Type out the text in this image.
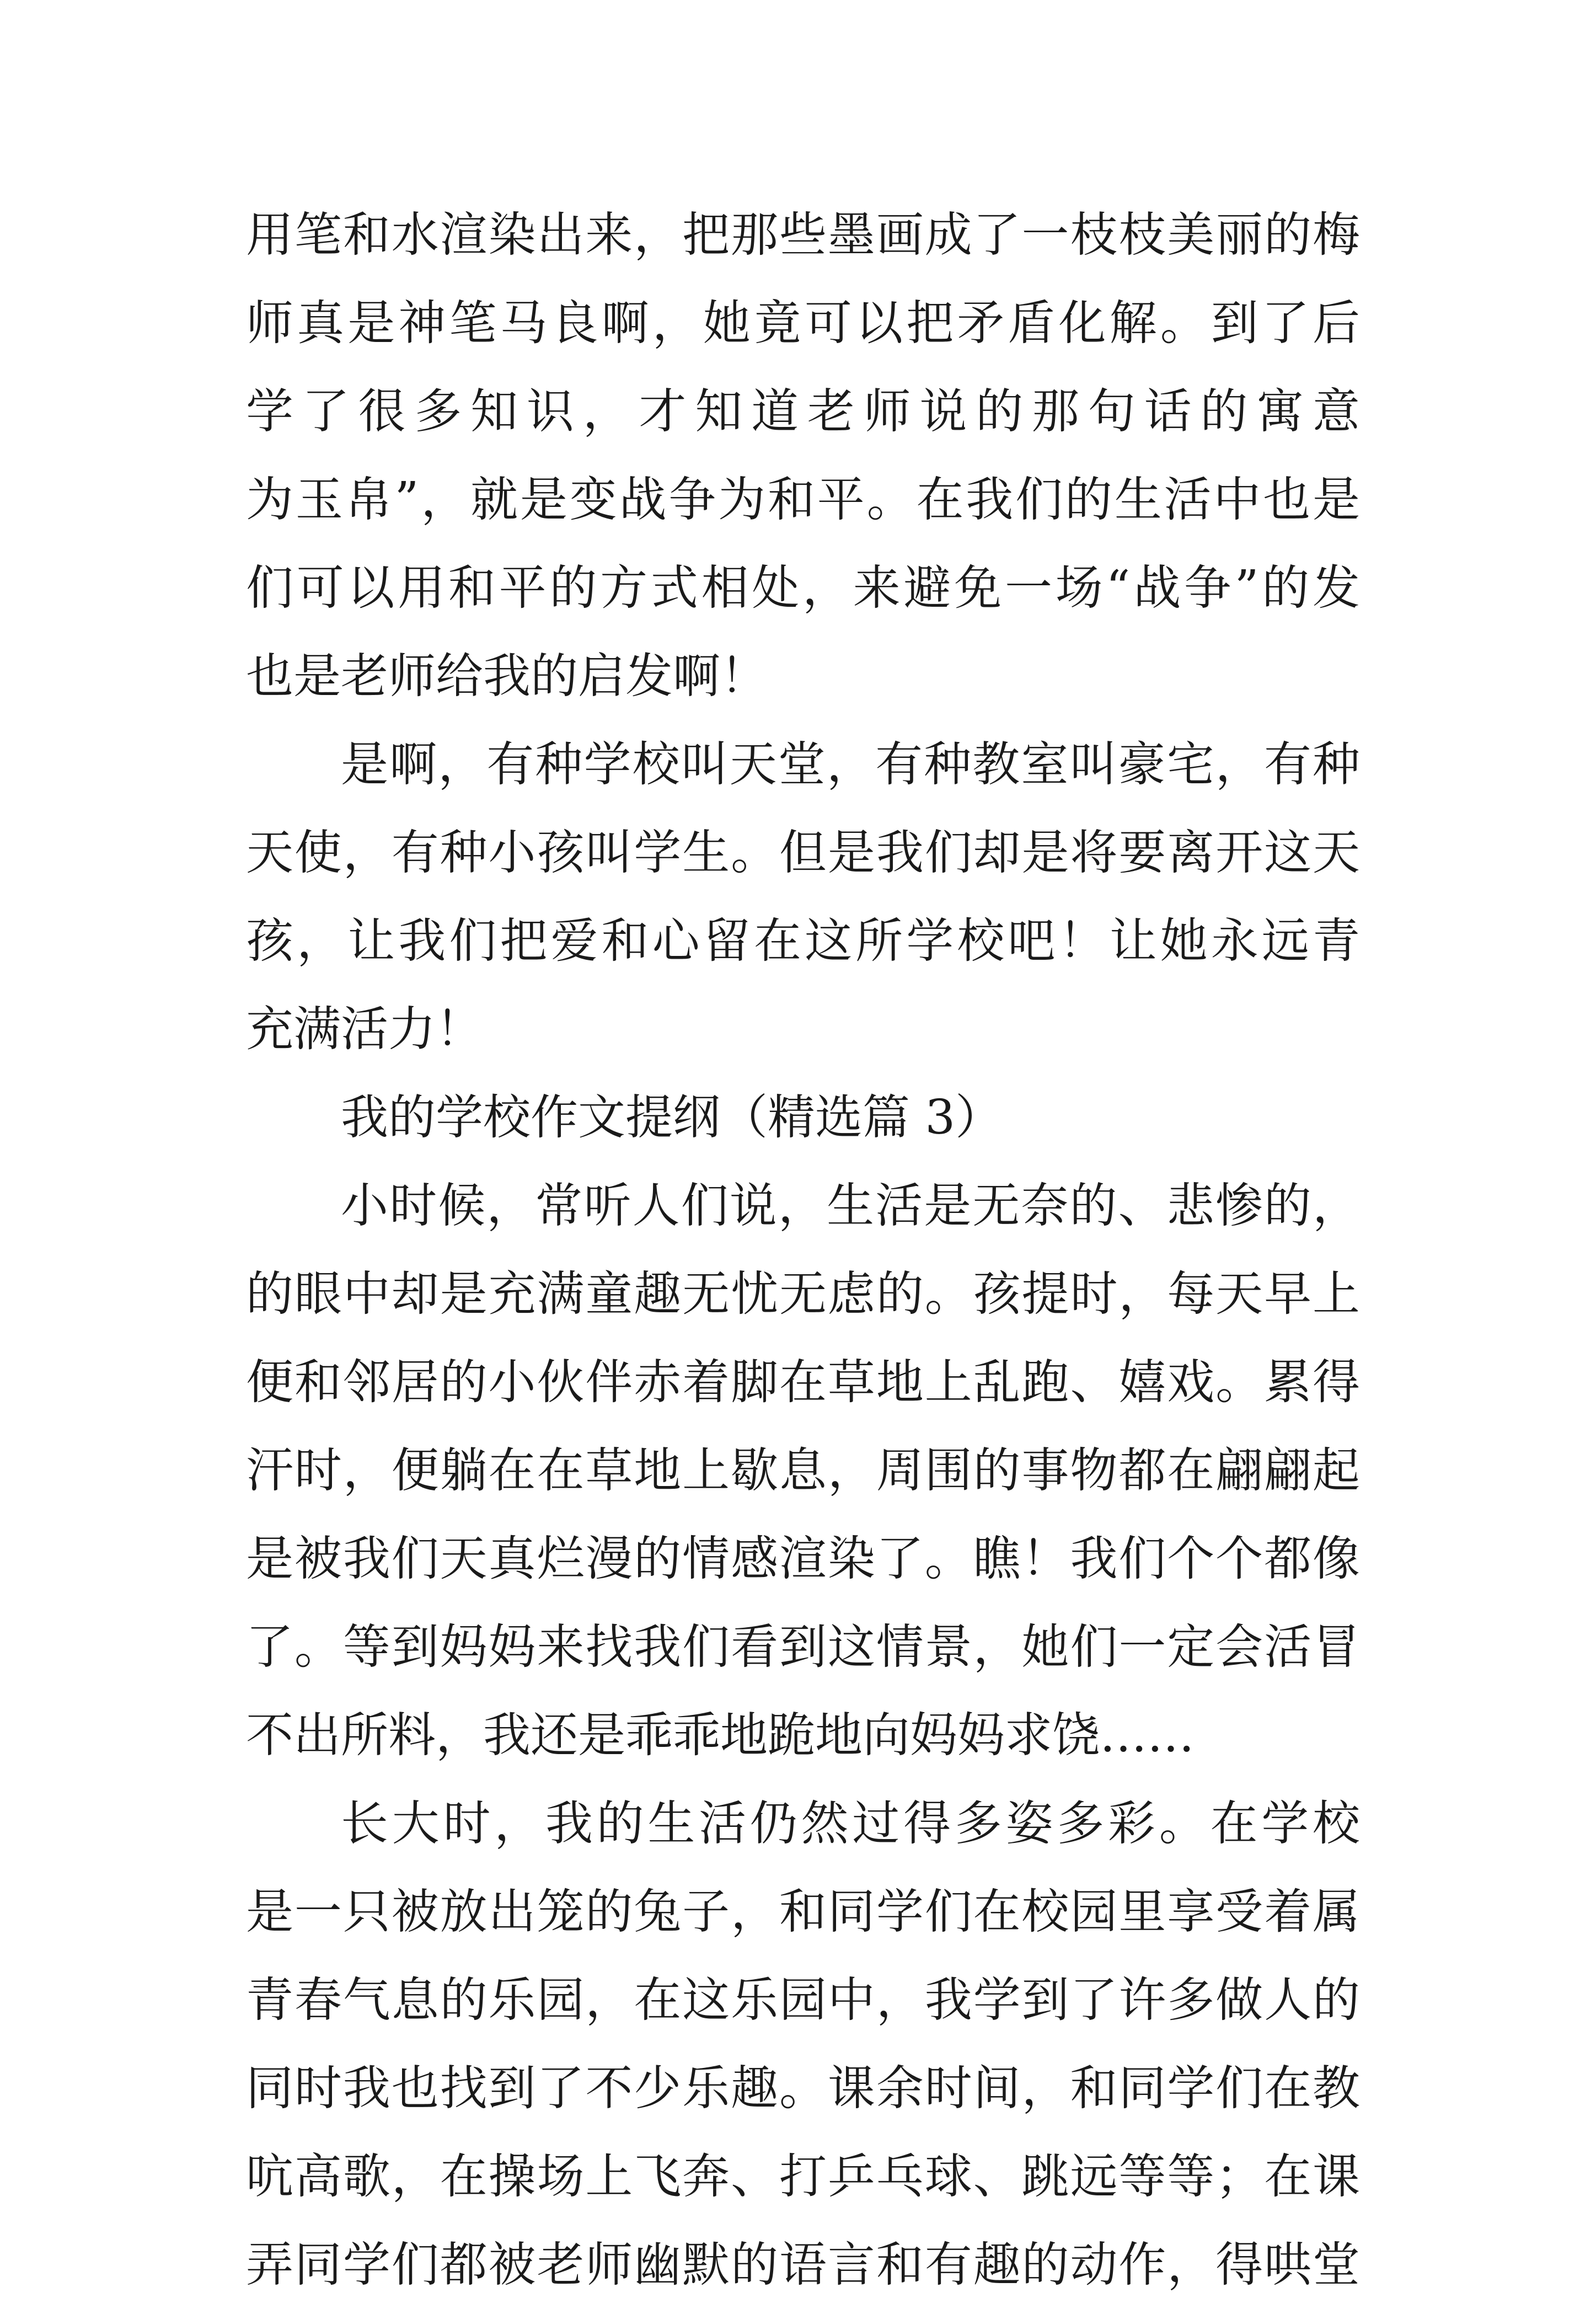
用笔和水渲染出来，把那些墨画成了一枝枝美丽的梅
师真是神笔马良啊，她竟可以把矛盾化解。到了后
学了很多知识，才知道老师说的那句话的寓意
为玉帛”，就是变战争为和平。在我们的生活中也是
们可以用和平的方式相处，来避免一场“战争”的发
也是老师给我的启发啊！
是啊，有种学校叫天堂，有种教室叫豪宅，有种
天使，有种小孩叫学生。但是我们却是将要离开这天
孩，让我们把爱和心留在这所学校吧！让她永远青
充满活力！
我的学校作文提纲（精选篇 3）
小时候，常听人们说，生活是无奈的、悲惨的，
的眼中却是充满童趣无忧无虑的。孩提时，每天早上
便和邻居的小伙伴赤着脚在草地上乱跑、嬉戏。累得
汗时，便躺在在草地上歇息，周围的事物都在翩翩起
是被我们天真烂漫的情感渲染了。瞧！我们个个都像
了。等到妈妈来找我们看到这情景，她们一定会活冒
不出所料，我还是乖乖地跪地向妈妈求饶……
长大时，我的生活仍然过得多姿多彩。在学校
是一只被放出笼的兔子，和同学们在校园里享受着属
青春气息的乐园，在这乐园中，我学到了许多做人的
同时我也找到了不少乐趣。课余时间，和同学们在教
吭高歌，在操场上飞奔、打乒乓球、跳远等等；在课
弄同学们都被老师幽默的语言和有趣的动作，得哄堂
